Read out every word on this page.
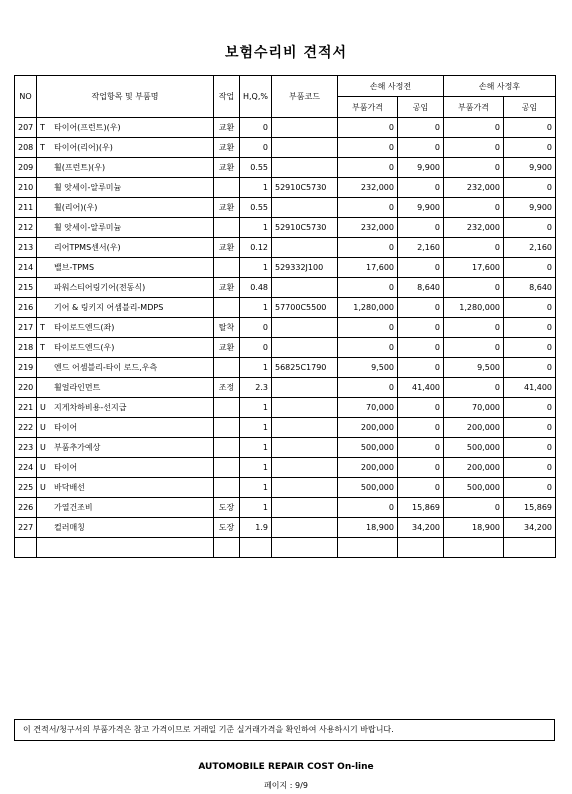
보험수리비 견적서
NO	작업항목 및 부품명	작업	H,Q,%	부품코드	손해 사정전		손해 사정후	
					부품가격	공임	부품가격	공임
207	T 타이어(프런트)(우)	교환	0		0	0	0	0
208	T 타이어(리어)(우)	교환	0		0	0	0	0
209	휠(프런트)(우)	교환	0.55		0	9,900	0	9,900
210	휠 앗세이-알루미늄		1	52910C5730	232,000	0	232,000	0
211	휠(리어)(우)	교환	0.55		0	9,900	0	9,900
212	휠 앗세이-알루미늄		1	52910C5730	232,000	0	232,000	0
213	리어TPMS센서(우)	교환	0.12		0	2,160	0	2,160
214	밸브-TPMS		1	529332J100	17,600	0	17,600	0
215	파워스티어링기어(전동식)	교환	0.48		0	8,640	0	8,640
216	기어 & 링키지 어셈블리-MDPS		1	57700C5500	1,280,000	0	1,280,000	0
217	T 타이로드엔드(좌)	탈착	0		0	0	0	0
218	T 타이로드엔드(우)	교환	0		0	0	0	0
219	엔드 어셈블리-타이 로드,우측		1	56825C1790	9,500	0	9,500	0
220	휠얼라인먼트	조정	2.3		0	41,400	0	41,400
221	U 지게차하비용-선지급		1		70,000	0	70,000	0
222	U 타이어		1		200,000	0	200,000	0
223	U 부품추가예상		1		500,000	0	500,000	0
224	U 타이어		1		200,000	0	200,000	0
225	U 바닥배선		1		500,000	0	500,000	0
226	가열건조비	도장	1		0	15,869	0	15,869
227	컬러매칭	도장	1.9		18,900	34,200	18,900	34,200

이 견적서/청구서의 부품가격은 참고 가격이므로 거래일 기준 실거래가격을 확인하여 사용하시기 바랍니다.
AUTOMOBILE REPAIR COST On-line
페이지 : 9/9
